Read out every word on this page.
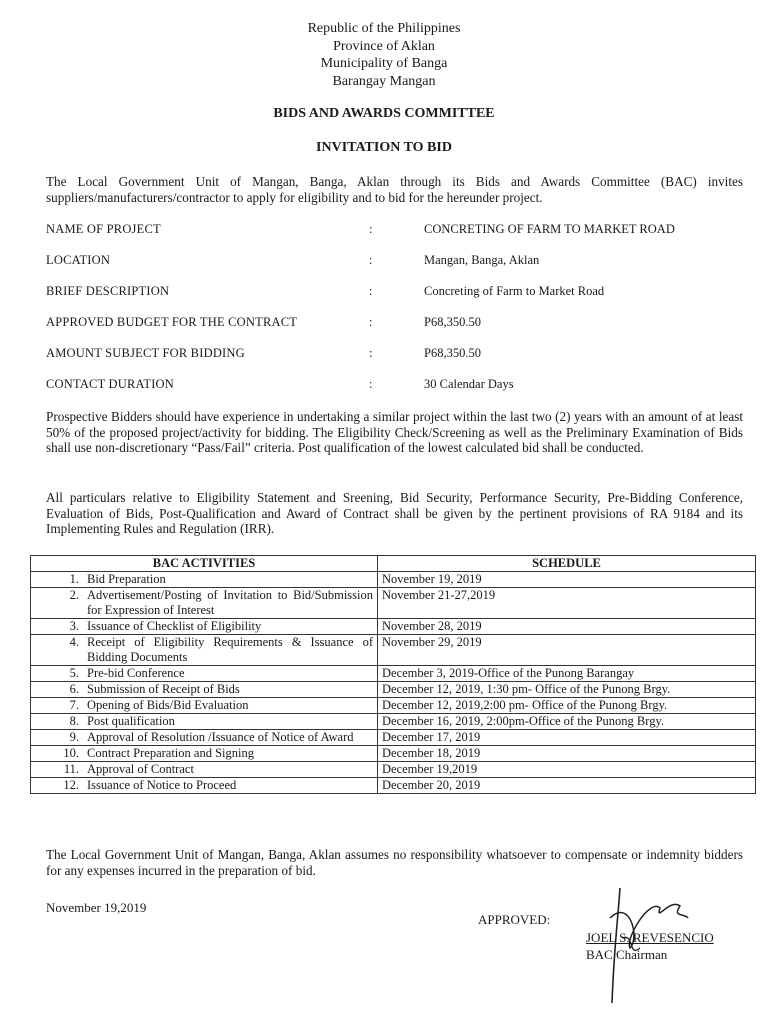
Republic of the Philippines
Province of Aklan
Municipality of Banga
Barangay Mangan
BIDS AND AWARDS COMMITTEE
INVITATION TO BID
The Local Government Unit of Mangan, Banga, Aklan through its Bids and Awards Committee (BAC) invites suppliers/manufacturers/contractor to apply for eligibility and to bid for the hereunder project.
NAME OF PROJECT	:	CONCRETING OF FARM TO MARKET ROAD
LOCATION	:	Mangan, Banga, Aklan
BRIEF DESCRIPTION	:	Concreting of Farm to Market Road
APPROVED BUDGET FOR THE CONTRACT	:	P68,350.50
AMOUNT SUBJECT FOR BIDDING	:	P68,350.50
CONTACT DURATION	:	30 Calendar Days
Prospective Bidders should have experience in undertaking a similar project within the last two (2) years with an amount of at least 50% of the proposed project/activity for bidding. The Eligibility Check/Screening as well as the Preliminary Examination of Bids shall use non-discretionary “Pass/Fail” criteria. Post qualification of the lowest calculated bid shall be conducted.
All particulars relative to Eligibility Statement and Sreening, Bid Security, Performance Security, Pre-Bidding Conference, Evaluation of Bids, Post-Qualification and Award of Contract shall be given by the pertinent provisions of RA 9184 and its Implementing Rules and Regulation (IRR).
BAC ACTIVITIES	SCHEDULE

1. Bid Preparation	November 19, 2019

2. Advertisement/Posting of Invitation to Bid/Submission for Expression of Interest	November 21-27,2019

3. Issuance of Checklist of Eligibility	November 28, 2019

4. Receipt of Eligibility Requirements & Issuance of Bidding Documents	November 29, 2019

5. Pre-bid Conference	December 3, 2019-Office of the Punong Barangay

6. Submission of Receipt of Bids	December 12, 2019, 1:30 pm- Office of the Punong Brgy.

7. Opening of Bids/Bid Evaluation	December 12, 2019,2:00 pm- Office of the Punong Brgy.

8. Post qualification	December 16, 2019, 2:00pm-Office of the Punong Brgy.

9. Approval of Resolution /Issuance of Notice of Award	December 17, 2019

10. Contract Preparation and Signing	December 18, 2019

11. Approval of Contract	December 19,2019

12. Issuance of Notice to Proceed	December 20, 2019
The Local Government Unit of Mangan, Banga, Aklan assumes no responsibility whatsoever to compensate or indemnity bidders for any expenses incurred in the preparation of bid.
November 19,2019
APPROVED:
JOEL S. REVESENCIO
BAC Chairman
